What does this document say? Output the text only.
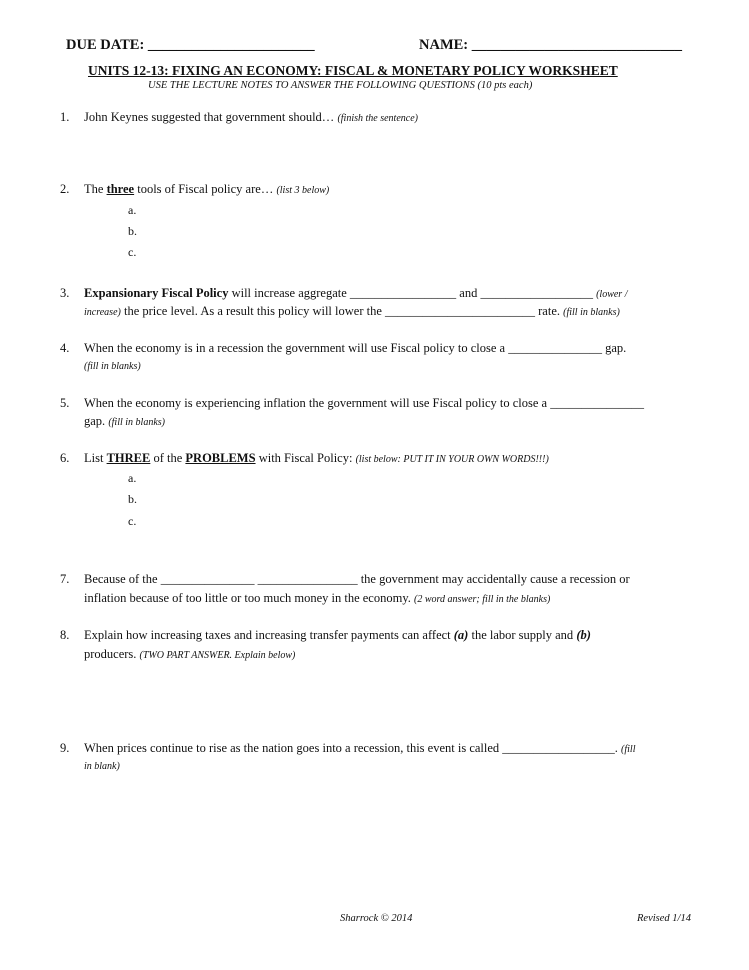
DUE DATE: _______________________	NAME: _____________________________
UNITS 12-13: FIXING AN ECONOMY: FISCAL & MONETARY POLICY WORKSHEET
USE THE LECTURE NOTES TO ANSWER THE FOLLOWING QUESTIONS (10 pts each)
1. John Keynes suggested that government should… (finish the sentence)
2. The three tools of Fiscal policy are… (list 3 below)
a.
b.
c.
3. Expansionary Fiscal Policy will increase aggregate _________________ and __________________ (lower /
increase) the price level. As a result this policy will lower the ________________________ rate. (fill in blanks)
4. When the economy is in a recession the government will use Fiscal policy to close a _______________ gap.
(fill in blanks)
5. When the economy is experiencing inflation the government will use Fiscal policy to close a _______________
gap. (fill in blanks)
6. List THREE of the PROBLEMS with Fiscal Policy: (list below: PUT IT IN YOUR OWN WORDS!!!)
a.
b.
c.
7. Because of the _______________ ________________ the government may accidentally cause a recession or
inflation because of too little or too much money in the economy. (2 word answer; fill in the blanks)
8. Explain how increasing taxes and increasing transfer payments can affect (a) the labor supply and (b)
producers. (TWO PART ANSWER. Explain below)
9. When prices continue to rise as the nation goes into a recession, this event is called __________________. (fill
in blank)
Sharrock © 2014	Revised 1/14
